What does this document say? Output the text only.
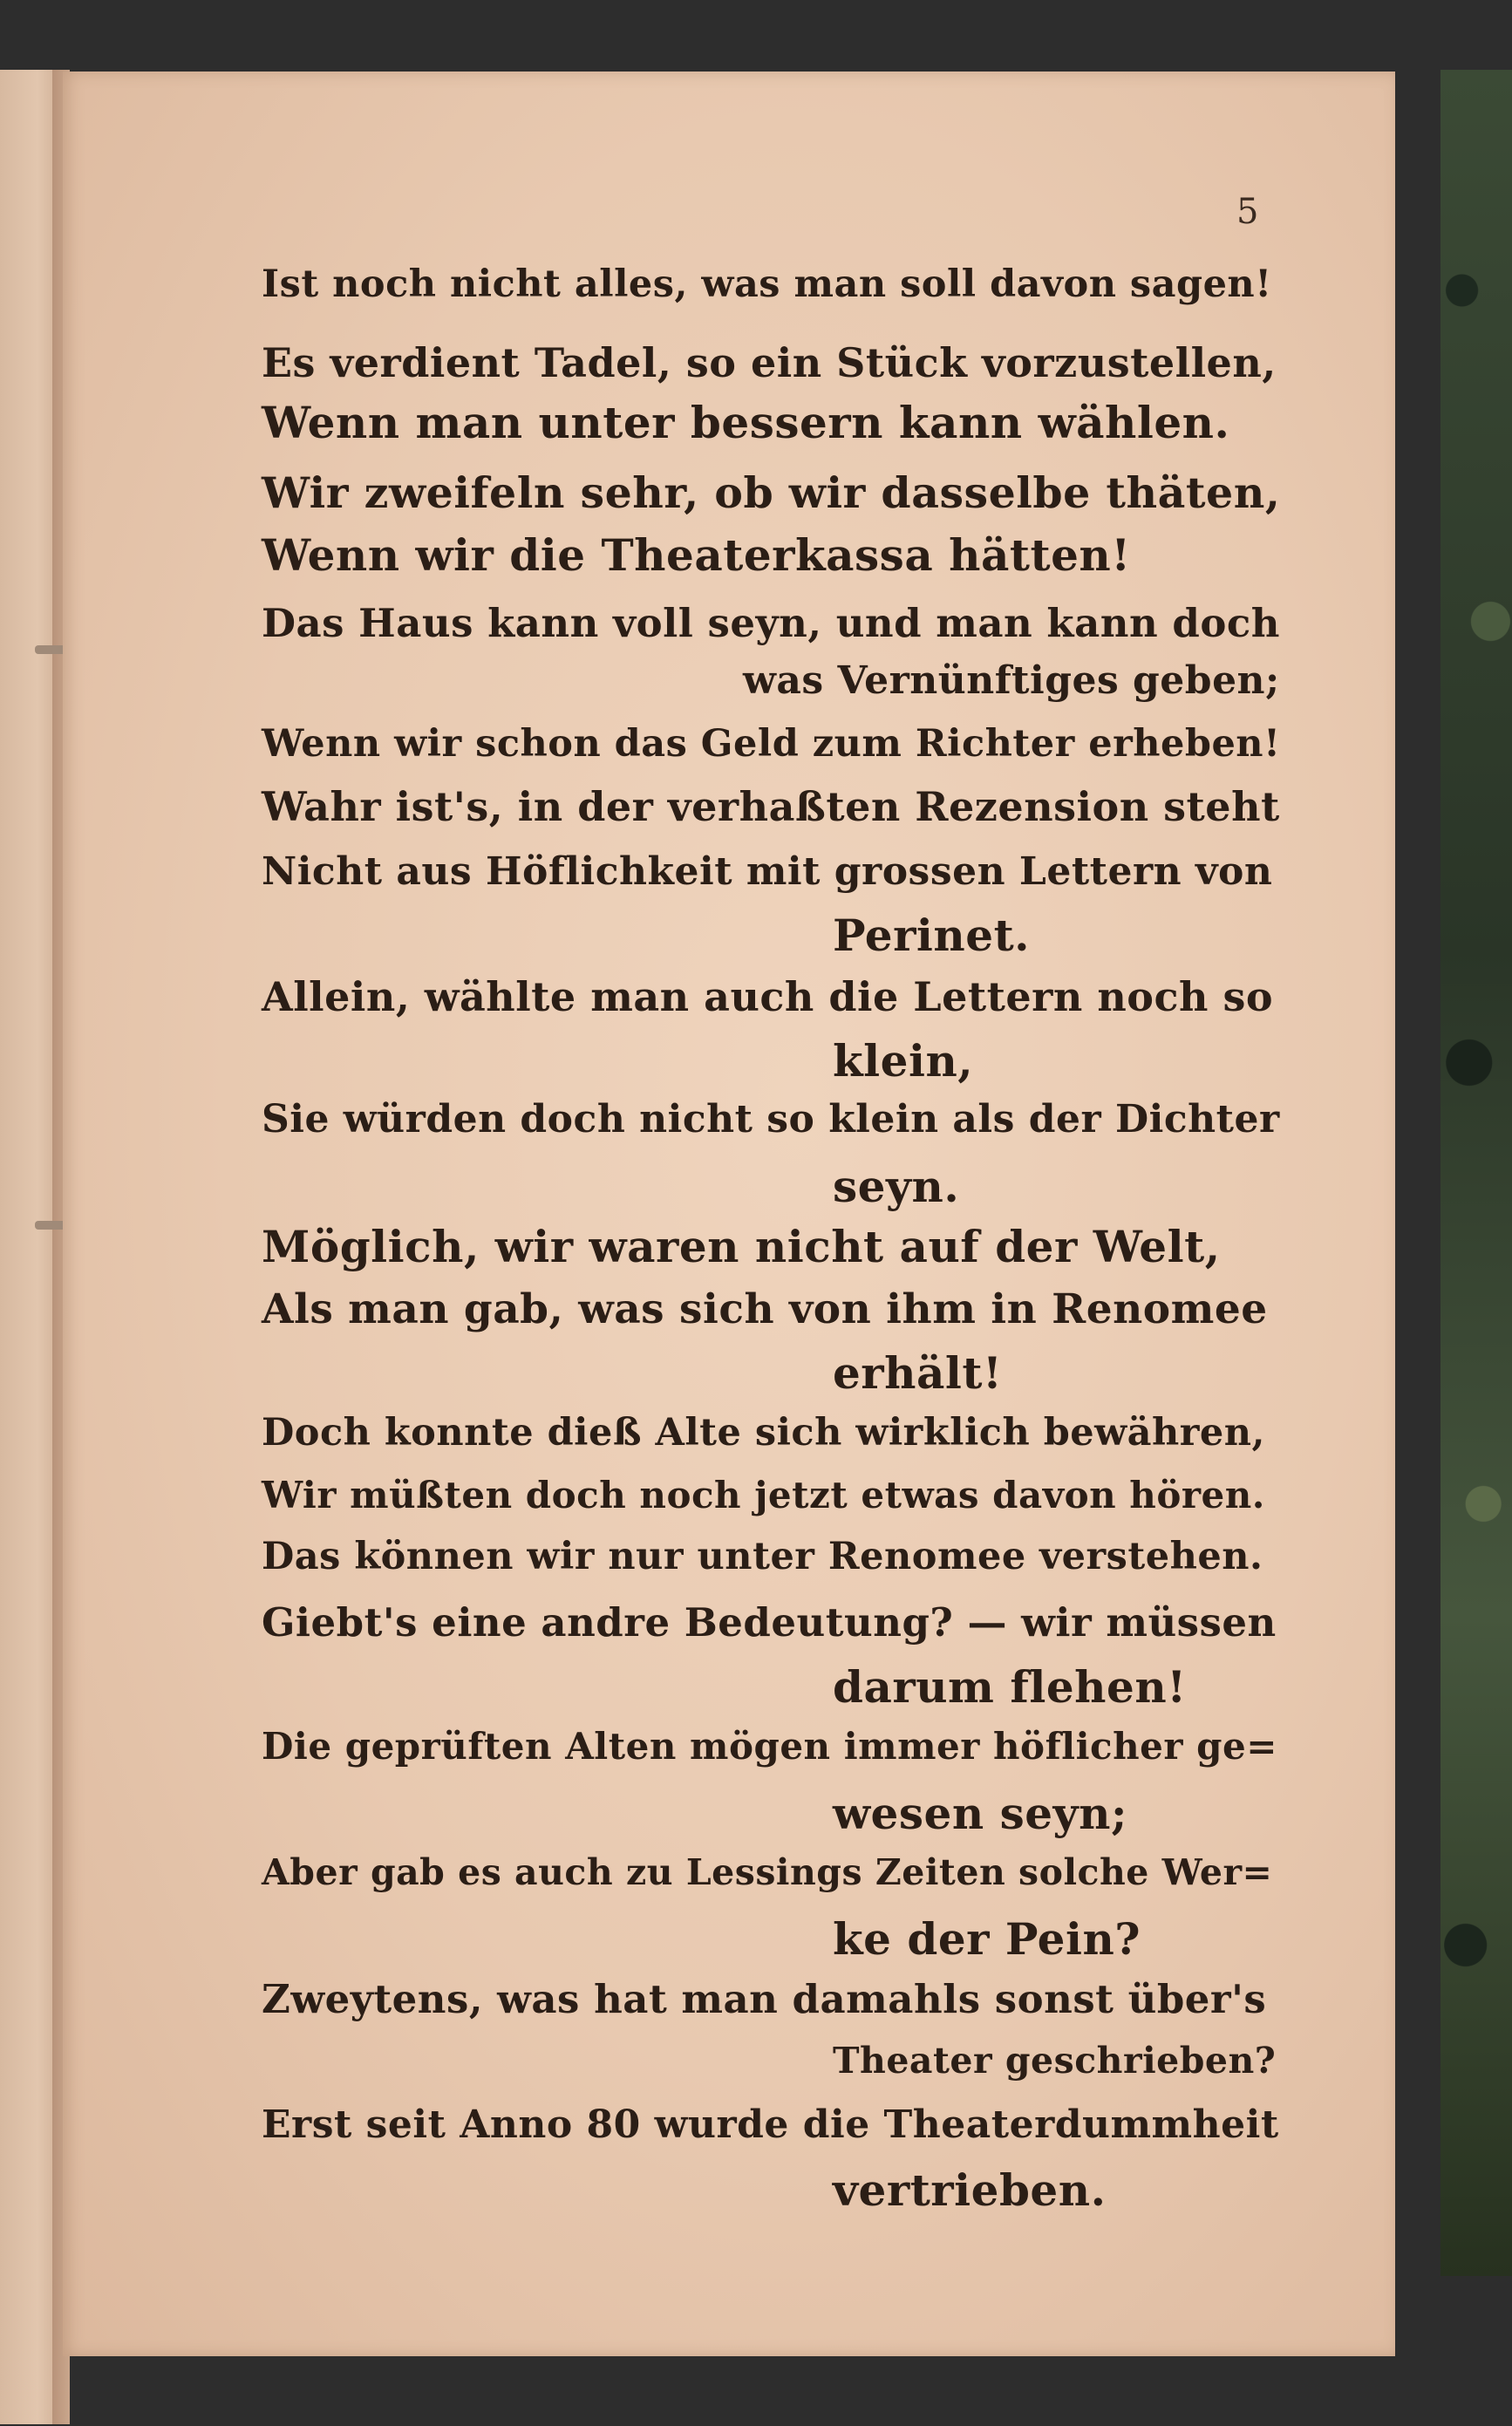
5
Ist noch nicht alles, was man soll davon sagen!
Es verdient Tadel, so ein Stück vorzustellen,
Wenn man unter bessern kann wählen.
Wir zweifeln sehr, ob wir dasselbe thäten,
Wenn wir die Theaterkassa hätten!
Das Haus kann voll seyn, und man kann doch
was Vernünftiges geben;
Wenn wir schon das Geld zum Richter erheben!
Wahr ist's, in der verhaßten Rezension steht
Nicht aus Höflichkeit mit grossen Lettern von
Perinet.
Allein, wählte man auch die Lettern noch so
klein,
Sie würden doch nicht so klein als der Dichter
seyn.
Möglich, wir waren nicht auf der Welt,
Als man gab, was sich von ihm in Renomee
erhält!
Doch konnte dieß Alte sich wirklich bewähren,
Wir müßten doch noch jetzt etwas davon hören.
Das können wir nur unter Renomee verstehen.
Giebt's eine andre Bedeutung? — wir müssen
darum flehen!
Die geprüften Alten mögen immer höflicher ge=
wesen seyn;
Aber gab es auch zu Lessings Zeiten solche Wer=
ke der Pein?
Zweytens, was hat man damahls sonst über's
Theater geschrieben?
Erst seit Anno 80 wurde die Theaterdummheit
vertrieben.
